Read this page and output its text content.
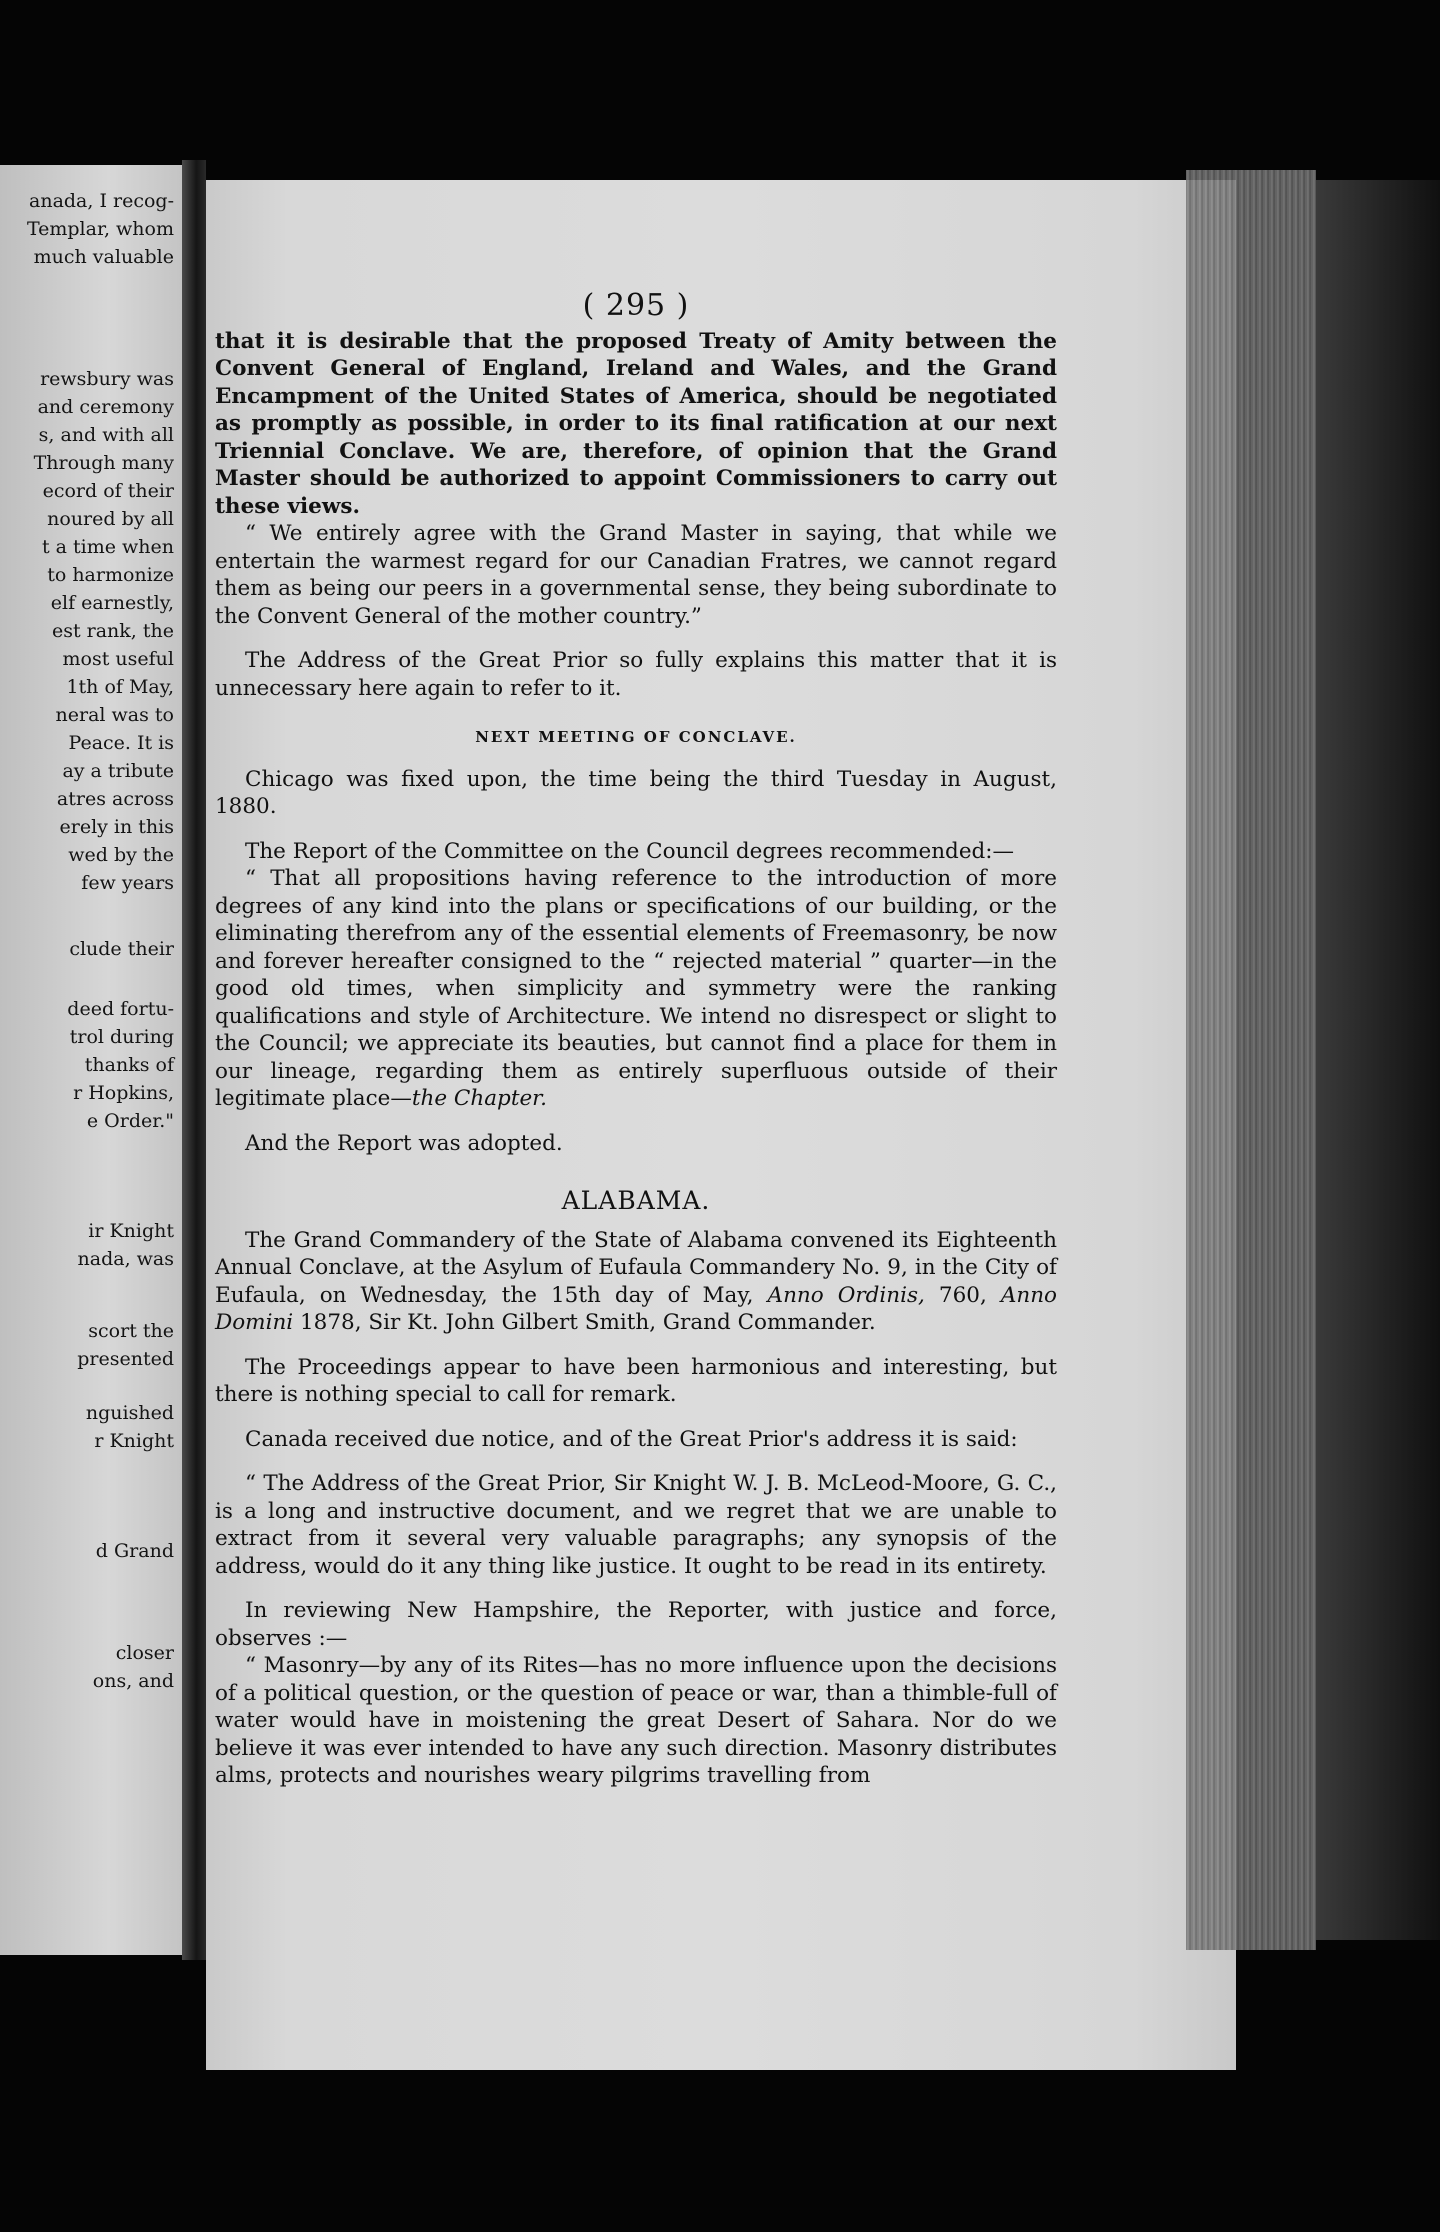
anada, I recog-
Templar, whom
much valuable
rewsbury was
and ceremony
s, and with all
Through many
ecord of their
noured by all
t a time when
to harmonize
elf earnestly,
est rank, the
most useful
1th of May,
neral was to
Peace. It is
ay a tribute
atres across
erely in this
wed by the
few years
clude their
deed fortu-
trol during
thanks of
r Hopkins,
e Order."
ir Knight
nada, was
scort the
presented
nguished
r Knight
d Grand
closer
ons, and
( 295 )

that it is desirable that the proposed Treaty of Amity between the Convent General of England, Ireland and Wales, and the Grand Encampment of the United States of America, should be negotiated as promptly as possible, in order to its final ratification at our next Triennial Conclave. We are, therefore, of opinion that the Grand Master should be authorized to appoint Commissioners to carry out these views.

“ We entirely agree with the Grand Master in saying, that while we entertain the warmest regard for our Canadian Fratres, we cannot regard them as being our peers in a governmental sense, they being subordinate to the Convent General of the mother country.”

The Address of the Great Prior so fully explains this matter that it is unnecessary here again to refer to it.

NEXT MEETING OF CONCLAVE.

Chicago was fixed upon, the time being the third Tuesday in August, 1880.

The Report of the Committee on the Council degrees recommended:—

“ That all propositions having reference to the introduction of more degrees of any kind into the plans or specifications of our building, or the eliminating therefrom any of the essential elements of Freemasonry, be now and forever hereafter consigned to the “ rejected material ” quarter—in the good old times, when simplicity and symmetry were the ranking qualifications and style of Architecture. We intend no disrespect or slight to the Council; we appreciate its beauties, but cannot find a place for them in our lineage, regarding them as entirely superfluous outside of their legitimate place—the Chapter.

And the Report was adopted.

ALABAMA.

The Grand Commandery of the State of Alabama convened its Eighteenth Annual Conclave, at the Asylum of Eufaula Commandery No. 9, in the City of Eufaula, on Wednesday, the 15th day of May, Anno Ordinis, 760, Anno Domini 1878, Sir Kt. John Gilbert Smith, Grand Commander.

The Proceedings appear to have been harmonious and interesting, but there is nothing special to call for remark.

Canada received due notice, and of the Great Prior's address it is said:

“ The Address of the Great Prior, Sir Knight W. J. B. McLeod-Moore, G. C., is a long and instructive document, and we regret that we are unable to extract from it several very valuable paragraphs; any synopsis of the address, would do it any thing like justice. It ought to be read in its entirety.

In reviewing New Hampshire, the Reporter, with justice and force, observes :—

“ Masonry—by any of its Rites—has no more influence upon the decisions of a political question, or the question of peace or war, than a thimble-full of water would have in moistening the great Desert of Sahara. Nor do we believe it was ever intended to have any such direction. Masonry distributes alms, protects and nourishes weary pilgrims travelling from
